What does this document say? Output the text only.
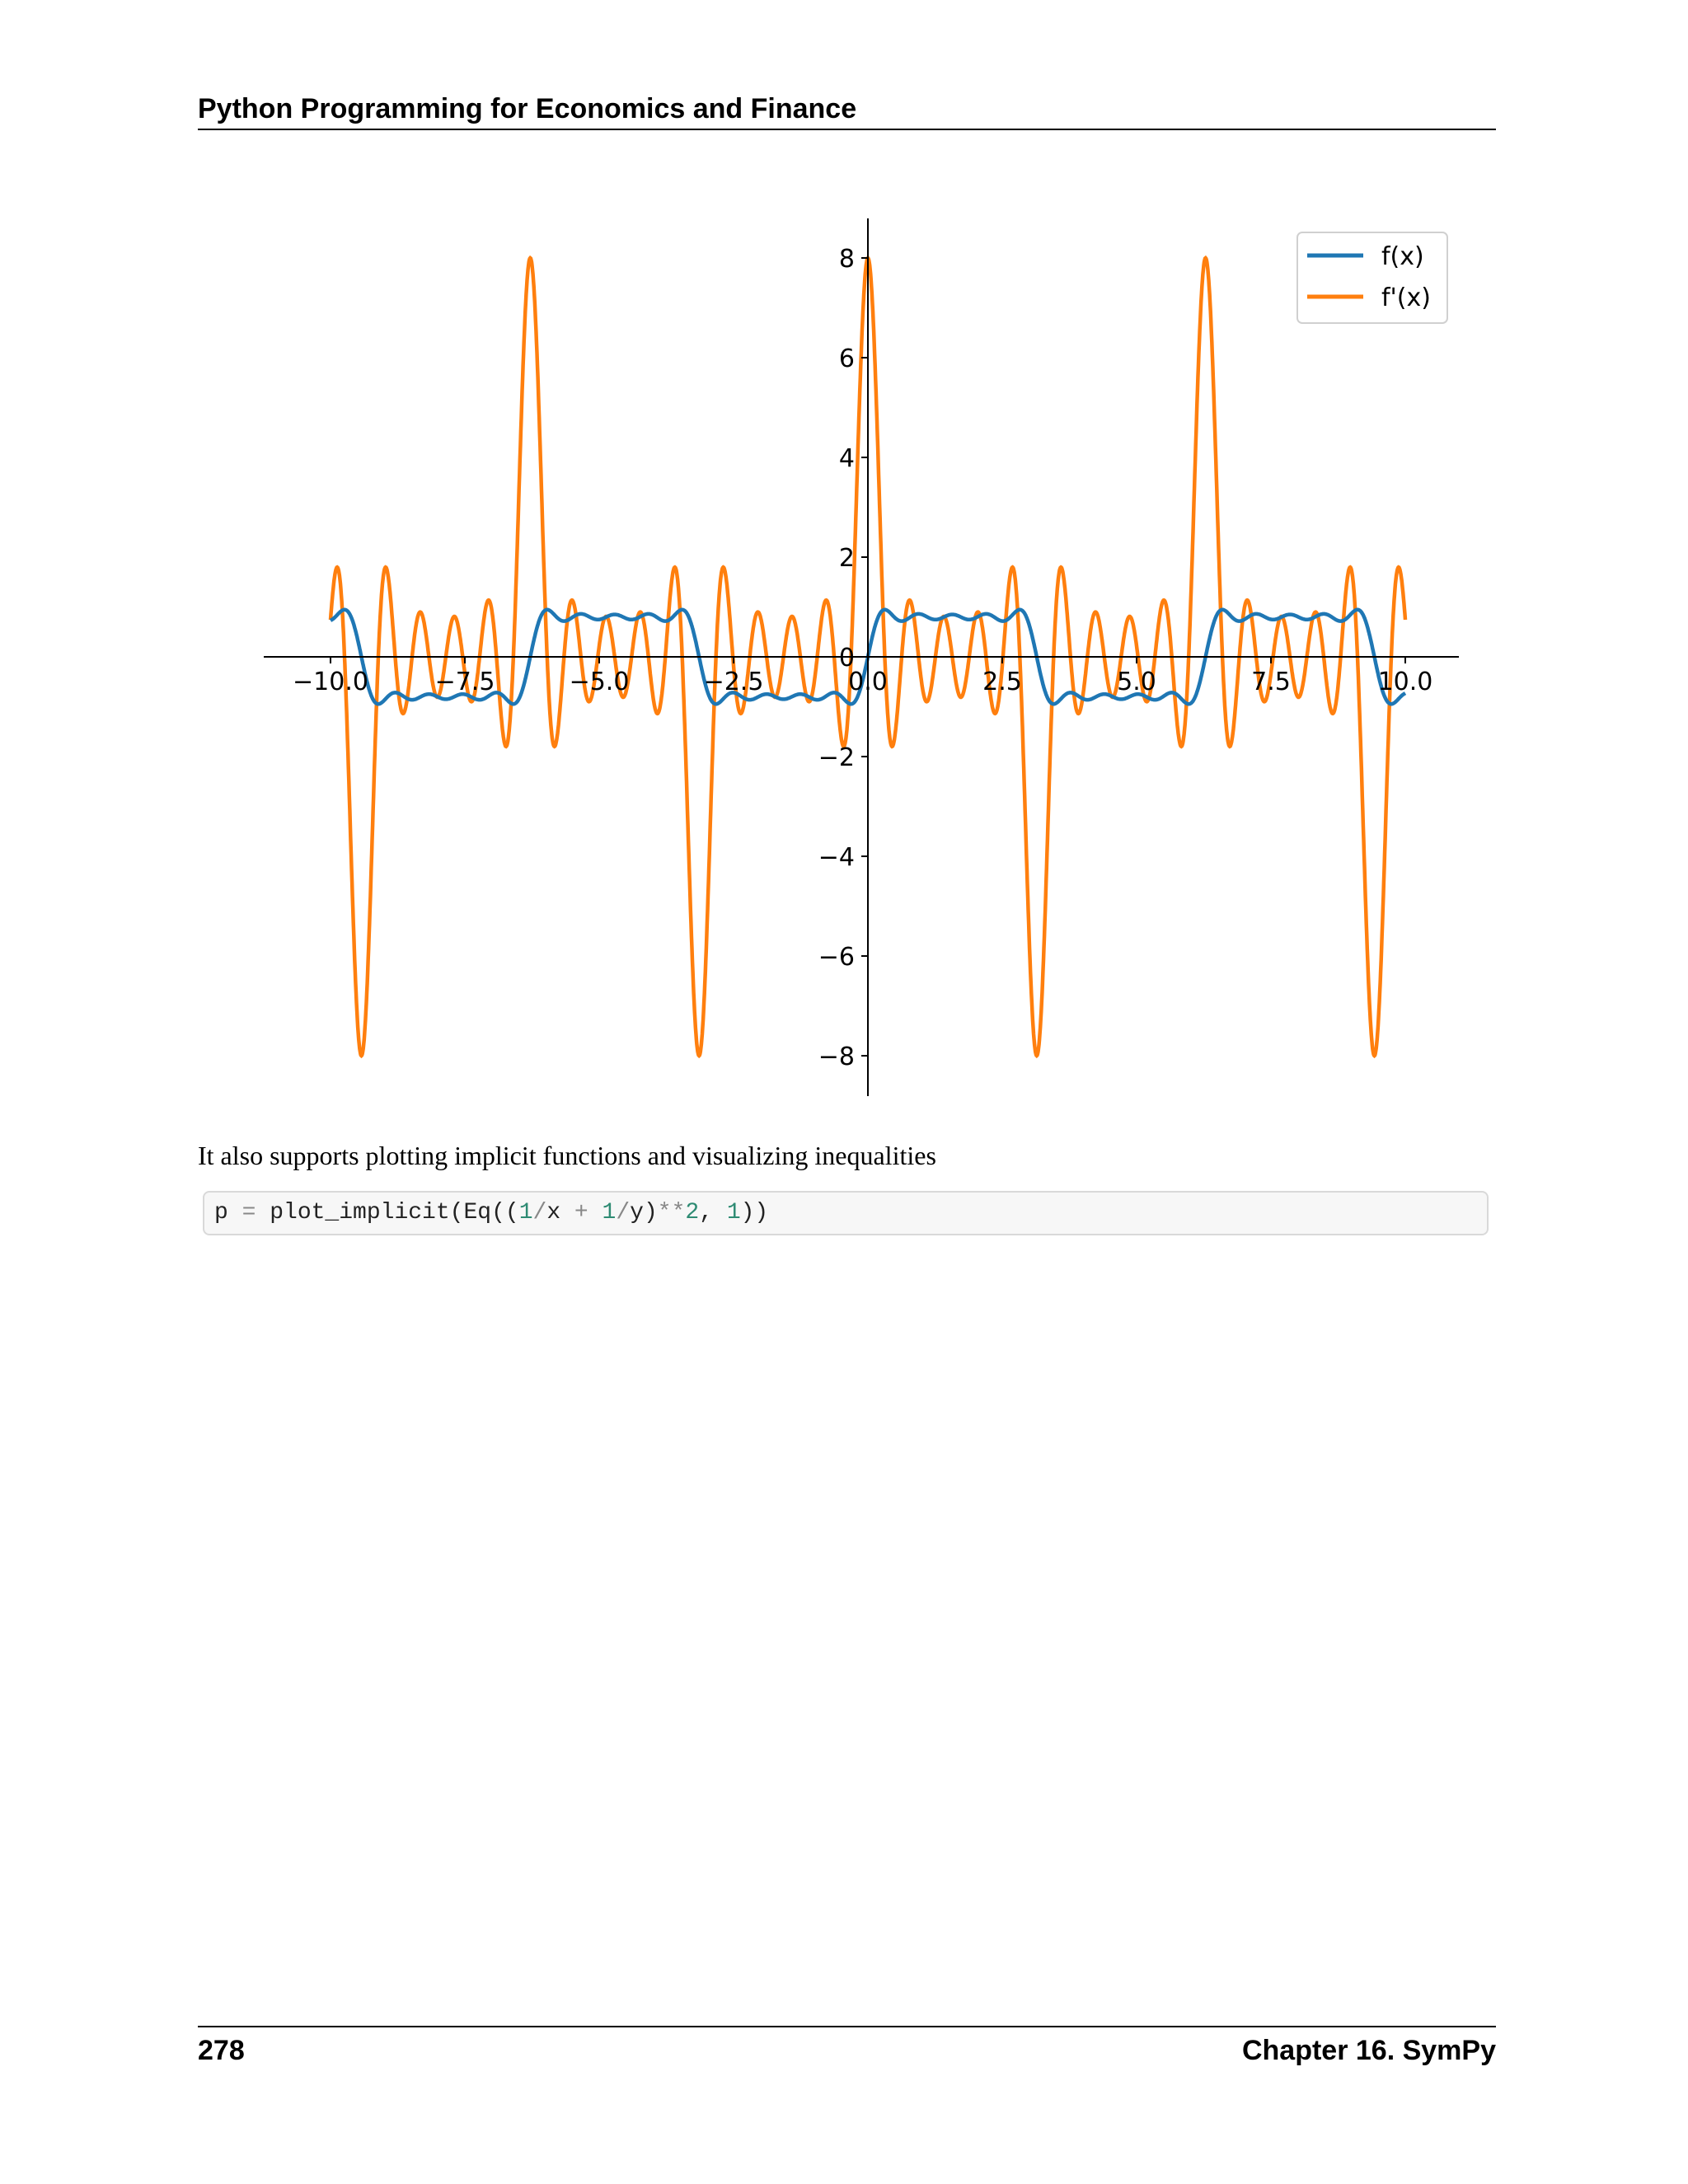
Python Programming for Economics and Finance
−10.0	−7.5	−5.0	−2.5	0.0	2.5	5.0	7.5	10.0
−8
−6
−4
−2
0
2
4
6
8	f(x)
f'(x)
It also supports plotting implicit functions and visualizing inequalities
p = plot_implicit(Eq((1/x + 1/y)**2, 1))
278	Chapter 16. SymPy
